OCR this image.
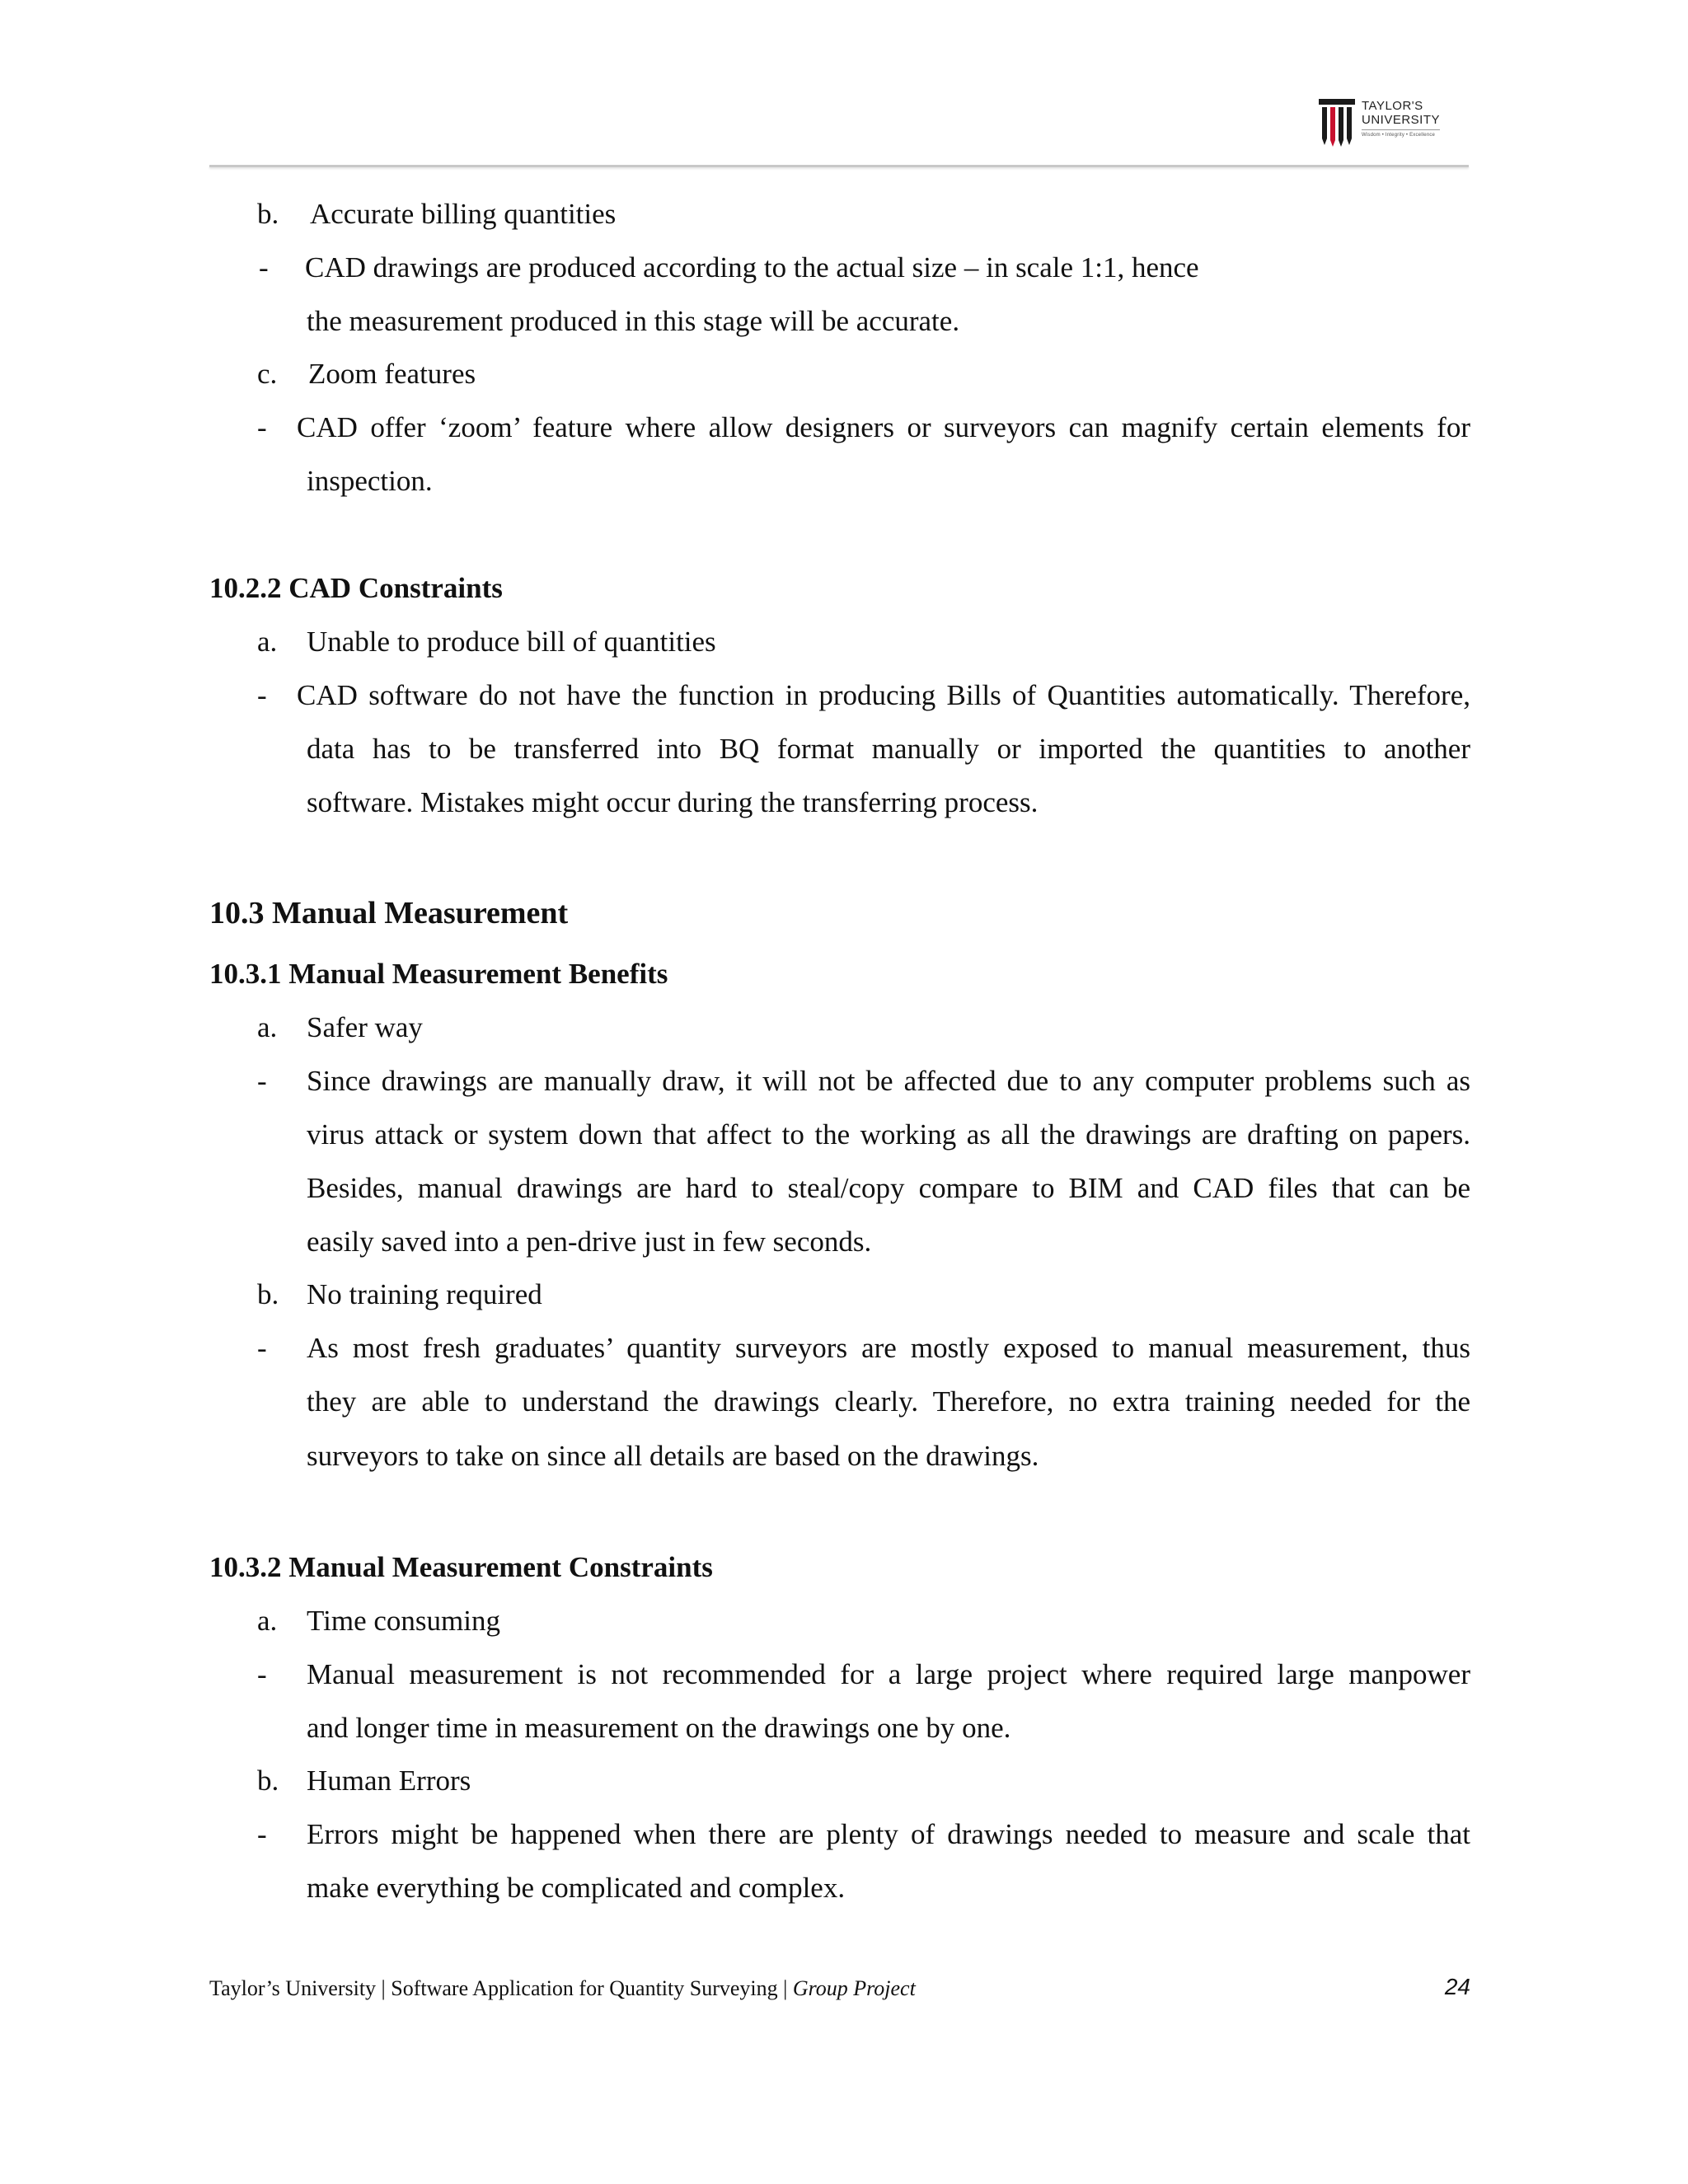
TAYLOR'S
UNIVERSITY
Wisdom • Integrity • Excellence
b. Accurate billing quantities
- CAD drawings are produced according to the actual size – in scale 1:1, hence
the measurement produced in this stage will be accurate.
c. Zoom features
- CAD offer ‘zoom’ feature where allow designers or surveyors can magnify certain elements for
inspection.
10.2.2 CAD Constraints
a. Unable to produce bill of quantities
- CAD software do not have the function in producing Bills of Quantities automatically. Therefore,
data has to be transferred into BQ format manually or imported the quantities to another
software. Mistakes might occur during the transferring process.
10.3 Manual Measurement
10.3.1 Manual Measurement Benefits
a. Safer way
- Since drawings are manually draw, it will not be affected due to any computer problems such as
virus attack or system down that affect to the working as all the drawings are drafting on papers.
Besides, manual drawings are hard to steal/copy compare to BIM and CAD files that can be
easily saved into a pen-drive just in few seconds.
b. No training required
- As most fresh graduates’ quantity surveyors are mostly exposed to manual measurement, thus
they are able to understand the drawings clearly. Therefore, no extra training needed for the
surveyors to take on since all details are based on the drawings.
10.3.2 Manual Measurement Constraints
a. Time consuming
- Manual measurement is not recommended for a large project where required large manpower
and longer time in measurement on the drawings one by one.
b. Human Errors
- Errors might be happened when there are plenty of drawings needed to measure and scale that
make everything be complicated and complex.
Taylor’s University | Software Application for Quantity Surveying | Group Project	24
